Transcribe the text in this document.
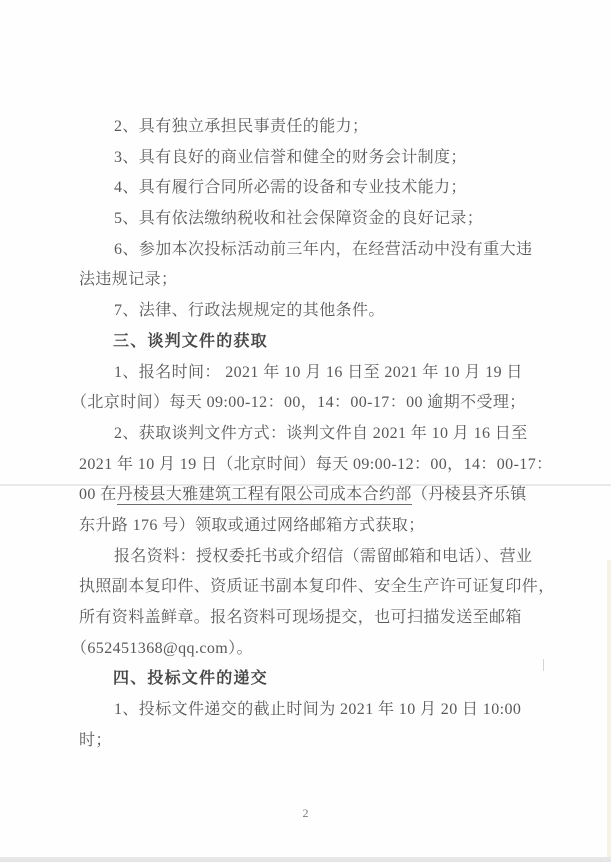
2、具有独立承担民事责任的能力；
3、具有良好的商业信誉和健全的财务会计制度；
4、具有履行合同所必需的设备和专业技术能力；
5、具有依法缴纳税收和社会保障资金的良好记录；
6、参加本次投标活动前三年内，在经营活动中没有重大违
法违规记录；
7、法律、行政法规规定的其他条件。
三、谈判文件的获取
1、报名时间： 2021 年 10 月 16 日至 2021 年 10 月 19 日
（北京时间）每天 09:00-12：00，14：00-17：00 逾期不受理；
2、获取谈判文件方式：谈判文件自 2021 年 10 月 16 日至
2021 年 10 月 19 日（北京时间）每天 09:00-12：00，14：00-17：
00 在丹棱县大雅建筑工程有限公司成本合约部（丹棱县齐乐镇
东升路 176 号）领取或通过网络邮箱方式获取；
报名资料：授权委托书或介绍信（需留邮箱和电话）、营业
执照副本复印件、资质证书副本复印件、安全生产许可证复印件，
所有资料盖鲜章。报名资料可现场提交，也可扫描发送至邮箱
（652451368@qq.com）。
四、投标文件的递交
1、投标文件递交的截止时间为 2021 年 10 月 20 日 10:00
时；
2
